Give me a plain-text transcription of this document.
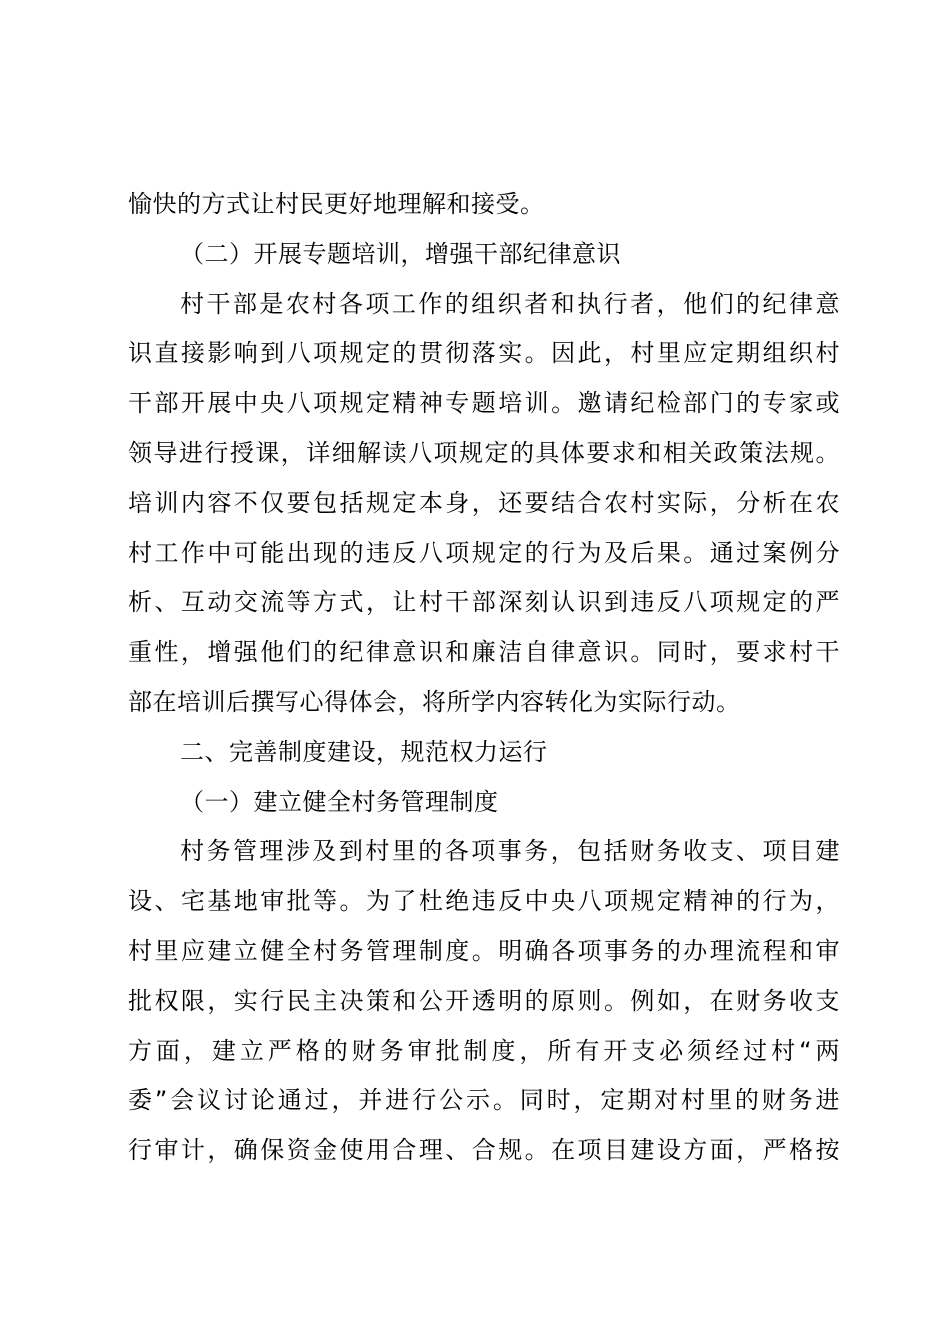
愉快的方式让村民更好地理解和接受。
（二）开展专题培训，增强干部纪律意识
村干部是农村各项工作的组织者和执行者，他们的纪律意
识直接影响到八项规定的贯彻落实。因此，村里应定期组织村
干部开展中央八项规定精神专题培训。邀请纪检部门的专家或
领导进行授课，详细解读八项规定的具体要求和相关政策法规。
培训内容不仅要包括规定本身，还要结合农村实际，分析在农
村工作中可能出现的违反八项规定的行为及后果。通过案例分
析、互动交流等方式，让村干部深刻认识到违反八项规定的严
重性，增强他们的纪律意识和廉洁自律意识。同时，要求村干
部在培训后撰写心得体会，将所学内容转化为实际行动。
二、完善制度建设，规范权力运行
（一）建立健全村务管理制度
村务管理涉及到村里的各项事务，包括财务收支、项目建
设、宅基地审批等。为了杜绝违反中央八项规定精神的行为，
村里应建立健全村务管理制度。明确各项事务的办理流程和审
批权限，实行民主决策和公开透明的原则。例如，在财务收支
方面，建立严格的财务审批制度，所有开支必须经过村“两
委”会议讨论通过，并进行公示。同时，定期对村里的财务进
行审计，确保资金使用合理、合规。在项目建设方面，严格按
